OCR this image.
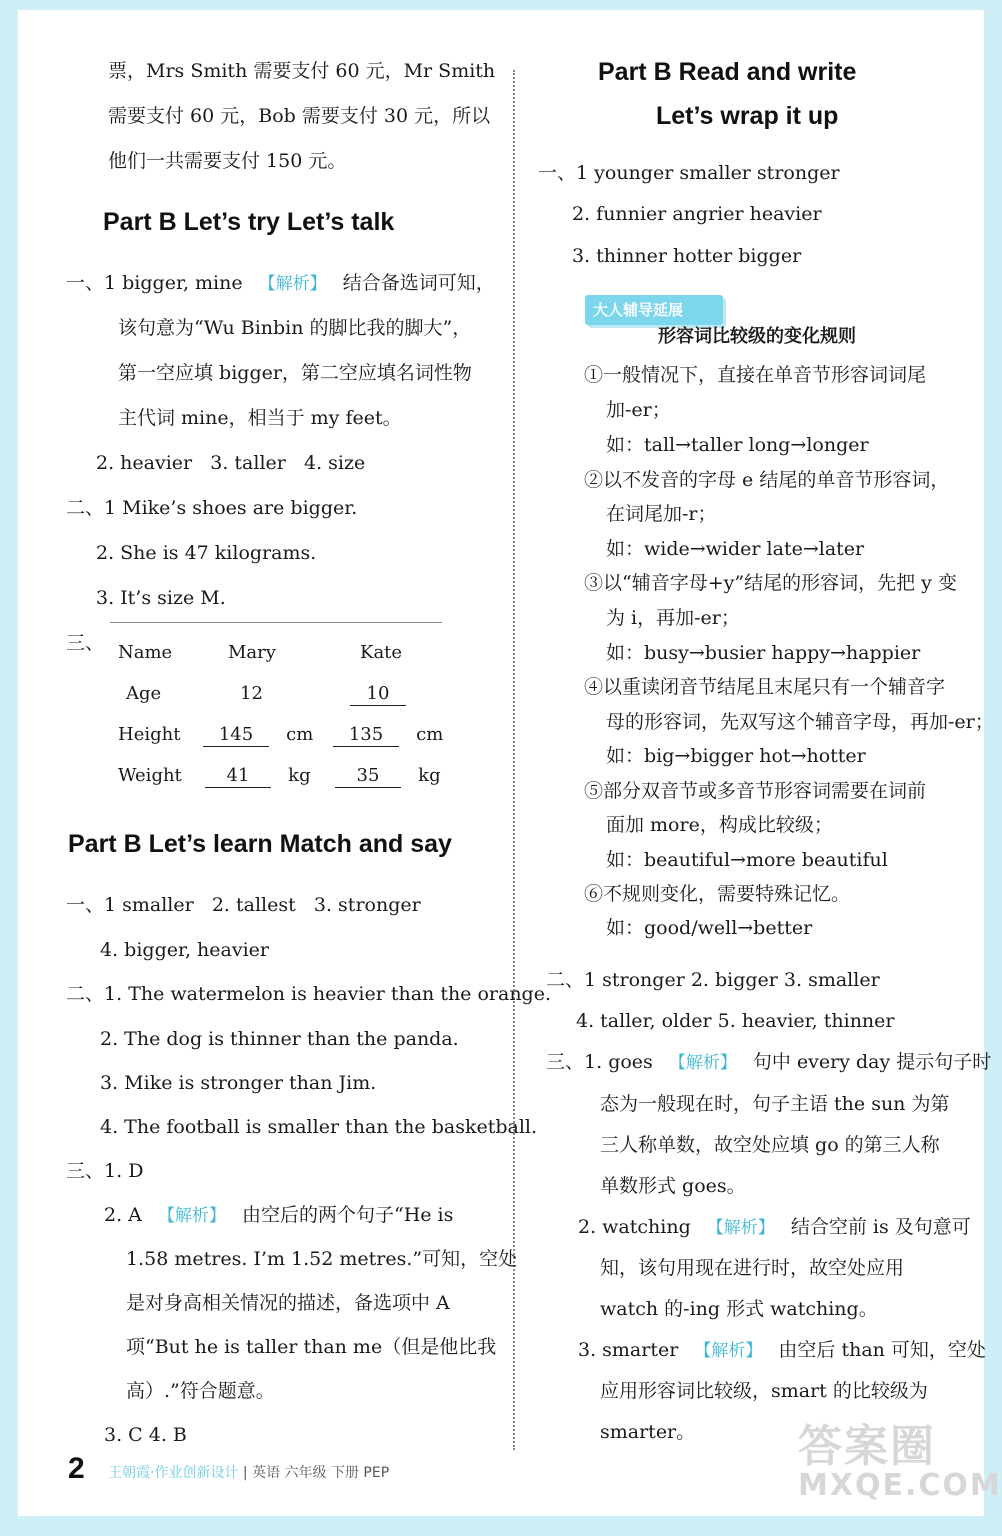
票，Mrs Smith 需要支付 60 元，Mr Smith
需要支付 60 元，Bob 需要支付 30 元，所以
他们一共需要支付 150 元。
Part B Let’s try Let’s talk
一、1 bigger, mine 【解析】 结合备选词可知，
该句意为“Wu Binbin 的脚比我的脚大”，
第一空应填 bigger，第二空应填名词性物
主代词 mine，相当于 my feet。
2. heavier 3. taller 4. size
二、1 Mike’s shoes are bigger.
2. She is 47 kilograms.
3. It’s size M.
三、 Name	Mary	Kate
Age	12	10
Height	145 cm	135 cm
Weight	41 kg	35 kg
Part B Let’s learn Match and say
一、1 smaller 2. tallest 3. stronger
4. bigger, heavier
二、1. The watermelon is heavier than the orange.
2. The dog is thinner than the panda.
3. Mike is stronger than Jim.
4. The football is smaller than the basketball.
三、1. D
2. A 【解析】 由空后的两个句子“He is
1.58 metres. I’m 1.52 metres.”可知，空处
是对身高相关情况的描述，备选项中 A
项“But he is taller than me（但是他比我
高）.”符合题意。
3. C 4. B
Part B Read and write
Let’s wrap it up
一、1 younger smaller stronger
2. funnier angrier heavier
3. thinner hotter bigger
大人辅导延展
形容词比较级的变化规则
①一般情况下，直接在单音节形容词词尾
加-er；
如：tall→taller long→longer
②以不发音的字母 e 结尾的单音节形容词，
在词尾加-r；
如：wide→wider late→later
③以“辅音字母+y”结尾的形容词，先把 y 变
为 i，再加-er；
如：busy→busier happy→happier
④以重读闭音节结尾且末尾只有一个辅音字
母的形容词，先双写这个辅音字母，再加-er；
如：big→bigger hot→hotter
⑤部分双音节或多音节形容词需要在词前
面加 more，构成比较级；
如：beautiful→more beautiful
⑥不规则变化，需要特殊记忆。
如：good/well→better
二、1 stronger 2. bigger 3. smaller
4. taller, older 5. heavier, thinner
三、1. goes 【解析】 句中 every day 提示句子时
态为一般现在时，句子主语 the sun 为第
三人称单数，故空处应填 go 的第三人称
单数形式 goes。
2. watching 【解析】 结合空前 is 及句意可
知，该句用现在进行时，故空处应用
watch 的-ing 形式 watching。
3. smarter 【解析】 由空后 than 可知，空处
应用形容词比较级，smart 的比较级为
smarter。
2 王朝霞·作业创新设计 | 英语 六年级 下册 PEP
答案圈
MXQE.COM
